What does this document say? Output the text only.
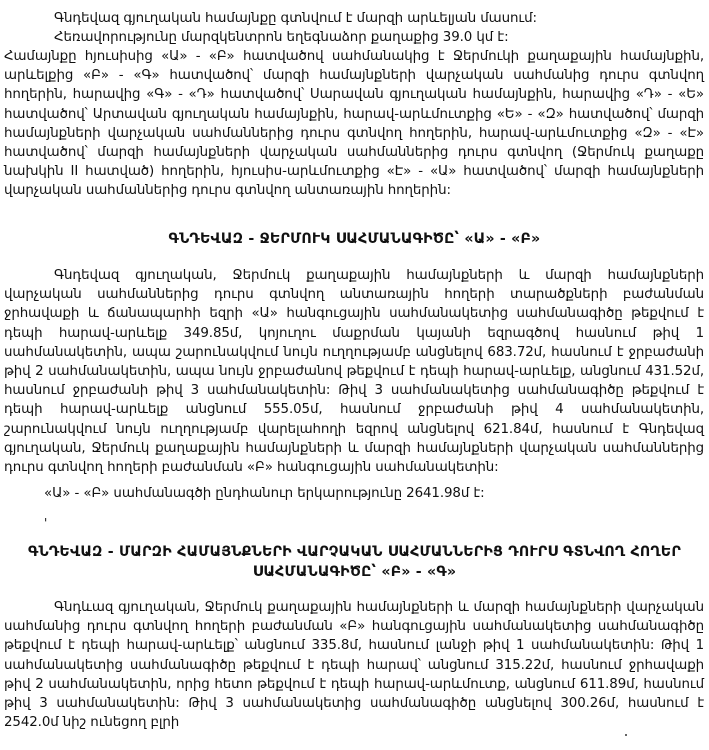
Գնդեվազ գյուղական համայնքը գտնվում է մարզի արևելյան մասում:

Հեռավորությունը մարզկենտրոն եղեգնաձոր քաղաքից 39.0 կմ է:

Համայնքը հյուսիսից «Ա» - «Բ» հատվածով սահմանակից է Ջերմուկի քաղաքային համայնքին, արևելքից «Բ» - «Գ» հատվածով՝ մարզի համայնքների վարչական սահմանից դուրս գտնվող հողերին, հարավից «Գ» - «Դ» հատվածով՝ Սարավան գյուղական համայնքին, հարավից «Դ» - «Ե» հատվածով՝ Արտավան գյուղական համայնքին, հարավ-արևմուտքից «Ե» - «Զ» հատվածով՝ մարզի համայնքների վարչական սահմաններից դուրս գտնվող հողերին, հարավ-արևմուտքից «Զ» - «Է» հատվածով՝ մարզի համայնքների վարչական սահմաններից դուրս գտնվող (Ջերմուկ քաղաքը նախկին II հատված) հողերին, հյուսիս-արևմուտքից «Է» - «Ա» հատվածով՝ մարզի համայնքների վարչական սահմաններից դուրս գտնվող անտառային հողերին:

ԳՆԴԵՎԱԶ - ՋԵՐՄՈՒԿ ՍԱՀՄԱՆԱԳԻԾԸ՝ «Ա» - «Բ»

Գնդեվազ գյուղական, Ջերմուկ քաղաքային համայնքների և մարզի համայնքների վարչական սահմաններից դուրս գտնվող անտառային հողերի տարածքների բաժանման ջրհավաքի և ճանապարհի եզրի «Ա» հանգուցային սահմանակետից սահմանագիծը թեքվում է դեպի հարավ-արևելք 349.85մ, կոյուղու մաքրման կայանի եզրագծով հասնում թիվ 1 սահմանակետին, ապա շարունակվում նույն ուղղությամբ անցնելով 683.72մ, հասնում է ջրբաժանի թիվ 2 սահմանակետին, ապա նույն ջրբաժանով թեքվում է դեպի հարավ-արևելք, անցնում 431.52մ, հասնում ջրբաժանի թիվ 3 սահմանակետին: Թիվ 3 սահմանակետից սահմանագիծը թեքվում է դեպի հարավ-արևելք անցնում 555.05մ, հասնում ջրբաժանի թիվ 4 սահմանակետին, շարունակվում նույն ուղղությամբ վարելահողի եզրով անցնելով 621.84մ, հասնում է Գնդեվազ գյուղական, Ջերմուկ քաղաքային համայնքների և մարզի համայնքների վարչական սահմաններից դուրս գտնվող հողերի բաժանման «Բ» հանգուցային սահմանակետին:

«Ա» - «Բ» սահմանագծի ընդհանուր երկարությունը 2641.98մ է:

'
ԳՆԴԵՎԱԶ - ՄԱՐԶԻ ՀԱՄԱՅՆՔՆԵՐԻ ՎԱՐՉԱԿԱՆ ՍԱՀՄԱՆՆԵՐԻՑ ԴՈՒՐՍ ԳՏՆՎՈՂ ՀՈՂԵՐ
ՍԱՀՄԱՆԱԳԻԾԸ՝ «Բ» - «Գ»

Գնդևազ գյուղական, Ջերմուկ քաղաքային համայնքների և մարզի համայնքների վարչական սահմանից դուրս գտնվող հողերի բաժանման «Բ» հանգուցային սահմանակետից սահմանագիծը թեքվում է դեպի հարավ-արևելք՝ անցնում 335.8մ, հասնում լանջի թիվ 1 սահմանակետին: Թիվ 1 սահմանակետից սահմանագիծը թեքվում է դեպի հարավ՝ անցնում 315.22մ, հասնում ջրհավաքի թիվ 2 սահմանակետին, որից հետո թեքվում է դեպի հարավ-արևմուտք, անցնում 611.89մ, հասնում թիվ 3 սահմանակետին: Թիվ 3 սահմանակետից սահմանագիծը անցնելով 300.26մ, հասնում է 2542.0մ նիշ ունեցող բլրի
